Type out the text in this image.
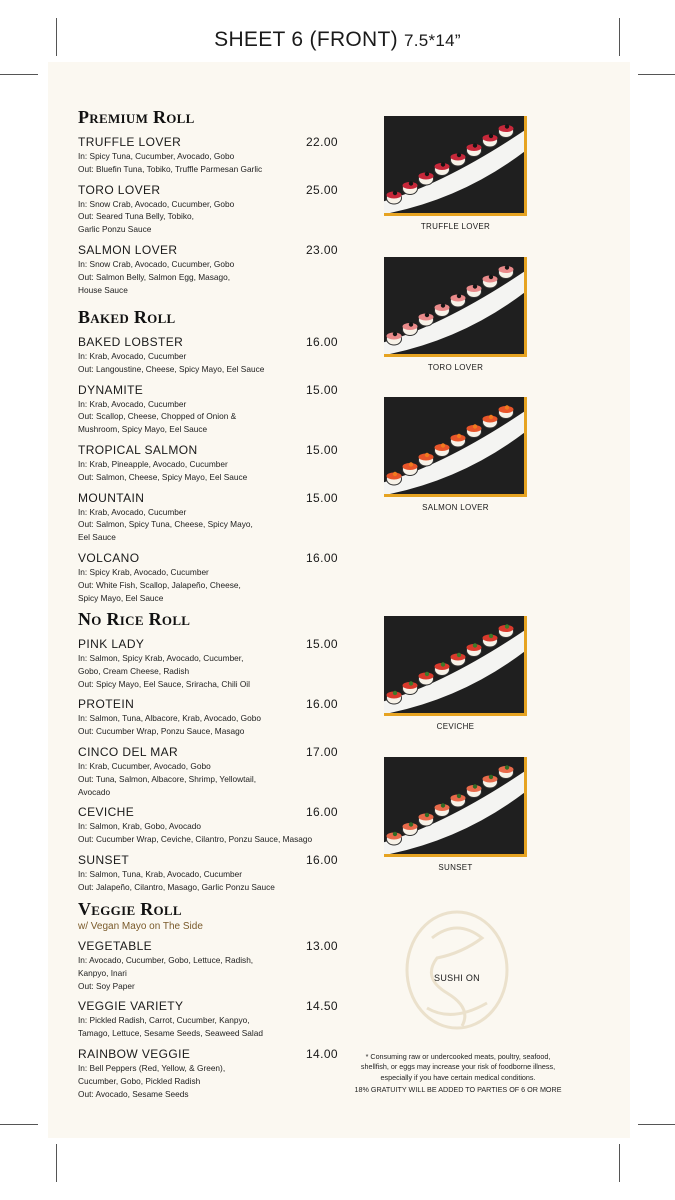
SHEET 6 (FRONT) 7.5*14”
Premium Roll
TRUFFLE LOVER	22.00
In: Spicy Tuna, Cucumber, Avocado, Gobo
Out: Bluefin Tuna, Tobiko, Truffle Parmesan Garlic
TORO LOVER	25.00
In: Snow Crab, Avocado, Cucumber, Gobo
Out: Seared Tuna Belly, Tobiko,
Garlic Ponzu Sauce
SALMON LOVER	23.00
In: Snow Crab, Avocado, Cucumber, Gobo
Out: Salmon Belly, Salmon Egg, Masago,
House Sauce
Baked Roll
BAKED LOBSTER	16.00
In: Krab, Avocado, Cucumber
Out: Langoustine, Cheese, Spicy Mayo, Eel Sauce
DYNAMITE	15.00
In: Krab, Avocado, Cucumber
Out: Scallop, Cheese, Chopped of Onion &
Mushroom, Spicy Mayo, Eel Sauce
TROPICAL SALMON	15.00
In: Krab, Pineapple, Avocado, Cucumber
Out: Salmon, Cheese, Spicy Mayo, Eel Sauce
MOUNTAIN	15.00
In: Krab, Avocado, Cucumber
Out: Salmon, Spicy Tuna, Cheese, Spicy Mayo,
Eel Sauce
VOLCANO	16.00
In: Spicy Krab, Avocado, Cucumber
Out: White Fish, Scallop, Jalapeño, Cheese,
Spicy Mayo, Eel Sauce
No Rice Roll
PINK LADY	15.00
In: Salmon, Spicy Krab, Avocado, Cucumber,
Gobo, Cream Cheese, Radish
Out: Spicy Mayo, Eel Sauce, Sriracha, Chili Oil
PROTEIN	16.00
In: Salmon, Tuna, Albacore, Krab, Avocado, Gobo
Out: Cucumber Wrap, Ponzu Sauce, Masago
CINCO DEL MAR	17.00
In: Krab, Cucumber, Avocado, Gobo
Out: Tuna, Salmon, Albacore, Shrimp, Yellowtail,
Avocado
CEVICHE	16.00
In: Salmon, Krab, Gobo, Avocado
Out: Cucumber Wrap, Ceviche, Cilantro, Ponzu Sauce, Masago
SUNSET	16.00
In: Salmon, Tuna, Krab, Avocado, Cucumber
Out: Jalapeño, Cilantro, Masago, Garlic Ponzu Sauce
Veggie Roll
w/ Vegan Mayo on The Side
VEGETABLE	13.00
In: Avocado, Cucumber, Gobo, Lettuce, Radish,
Kanpyo, Inari
Out: Soy Paper
VEGGIE VARIETY	14.50
In: Pickled Radish, Carrot, Cucumber, Kanpyo,
Tamago, Lettuce, Sesame Seeds, Seaweed Salad
RAINBOW VEGGIE	14.00
In: Bell Peppers (Red, Yellow, & Green),
Cucumber, Gobo, Pickled Radish
Out: Avocado, Sesame Seeds
TRUFFLE LOVER
TORO LOVER
SALMON LOVER
CEVICHE
SUNSET
SUSHI ON
* Consuming raw or undercooked meats, poultry, seafood,
shellfish, or eggs may increase your risk of foodborne illness,
especially if you have certain medical conditions.
18% GRATUITY WILL BE ADDED TO PARTIES OF 6 OR MORE
